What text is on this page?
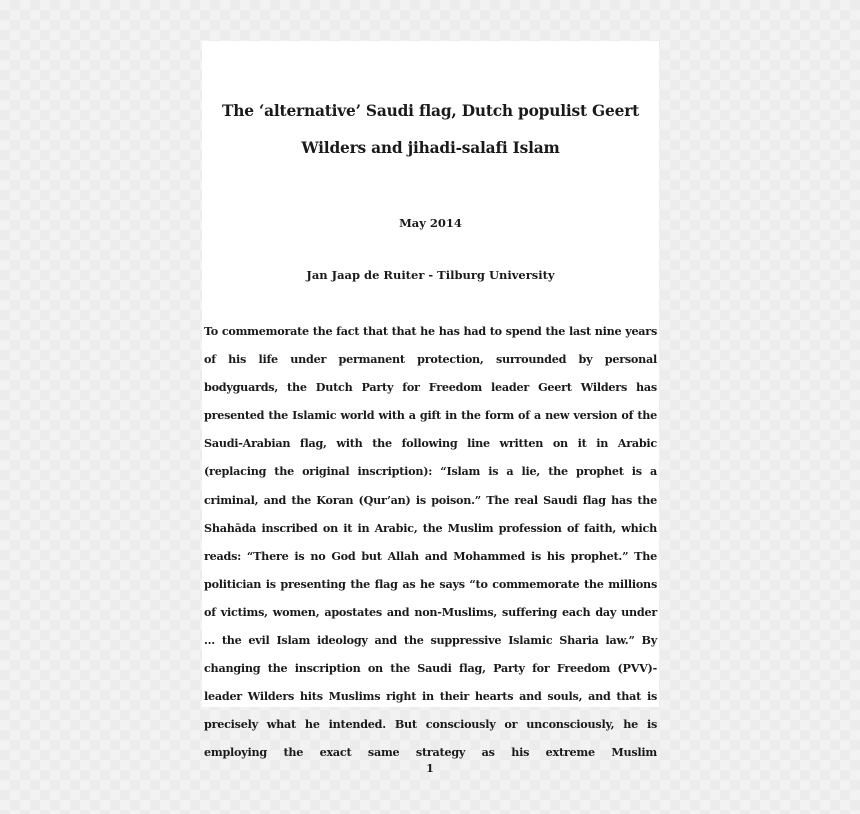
The ‘alternative’ Saudi flag, Dutch populist Geert Wilders and jihadi-salafi Islam

May 2014

Jan Jaap de Ruiter - Tilburg University

To commemorate the fact that that he has had to spend the last nine years of his life under permanent protection, surrounded by personal bodyguards, the Dutch Party for Freedom leader Geert Wilders has presented the Islamic world with a gift in the form of a new version of the Saudi-Arabian flag, with the following line written on it in Arabic (replacing the original inscription): “Islam is a lie, the prophet is a criminal, and the Koran (Qur’an) is poison.” The real Saudi flag has the Shahāda inscribed on it in Arabic, the Muslim profession of faith, which reads: “There is no God but Allah and Mohammed is his prophet.” The politician is presenting the flag as he says “to commemorate the millions of victims, women, apostates and non-Muslims, suffering each day under … the evil Islam ideology and the suppressive Islamic Sharia law.” By changing the inscription on the Saudi flag, Party for Freedom (PVV)-leader Wilders hits Muslims right in their hearts and souls, and that is precisely what he intended. But consciously or unconsciously, he is employing the exact same strategy as his extreme Muslim

1
